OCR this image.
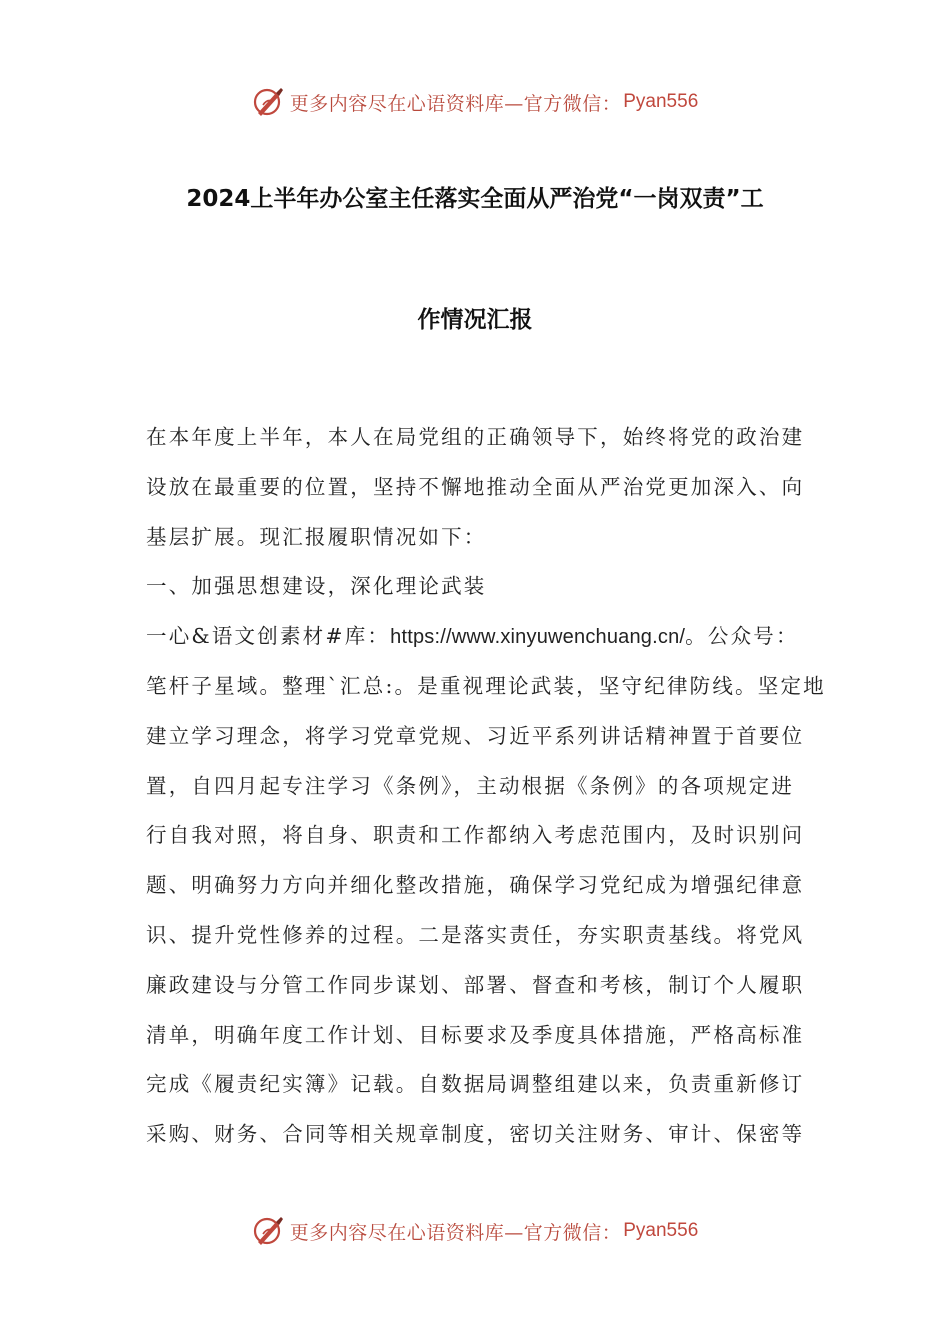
更多内容尽在心语资料库—官方微信： Pyan556
2024上半年办公室主任落实全面从严治党“一岗双责”工
作情况汇报
在本年度上半年，本人在局党组的正确领导下，始终将党的政治建
设放在最重要的位置，坚持不懈地推动全面从严治党更加深入、向
基层扩展。现汇报履职情况如下：
一、加强思想建设，深化理论武装
一心&语文创素材#库：https://www.xinyuwenchuang.cn/。公众号：
笔杆子星域。整理`汇总:。是重视理论武装，坚守纪律防线。坚定地
建立学习理念，将学习党章党规、习近平系列讲话精神置于首要位
置，自四月起专注学习《条例》，主动根据《条例》的各项规定进
行自我对照，将自身、职责和工作都纳入考虑范围内，及时识别问
题、明确努力方向并细化整改措施，确保学习党纪成为增强纪律意
识、提升党性修养的过程。二是落实责任，夯实职责基线。将党风
廉政建设与分管工作同步谋划、部署、督查和考核，制订个人履职
清单，明确年度工作计划、目标要求及季度具体措施，严格高标准
完成《履责纪实簿》记载。自数据局调整组建以来，负责重新修订
采购、财务、合同等相关规章制度，密切关注财务、审计、保密等
更多内容尽在心语资料库—官方微信： Pyan556
